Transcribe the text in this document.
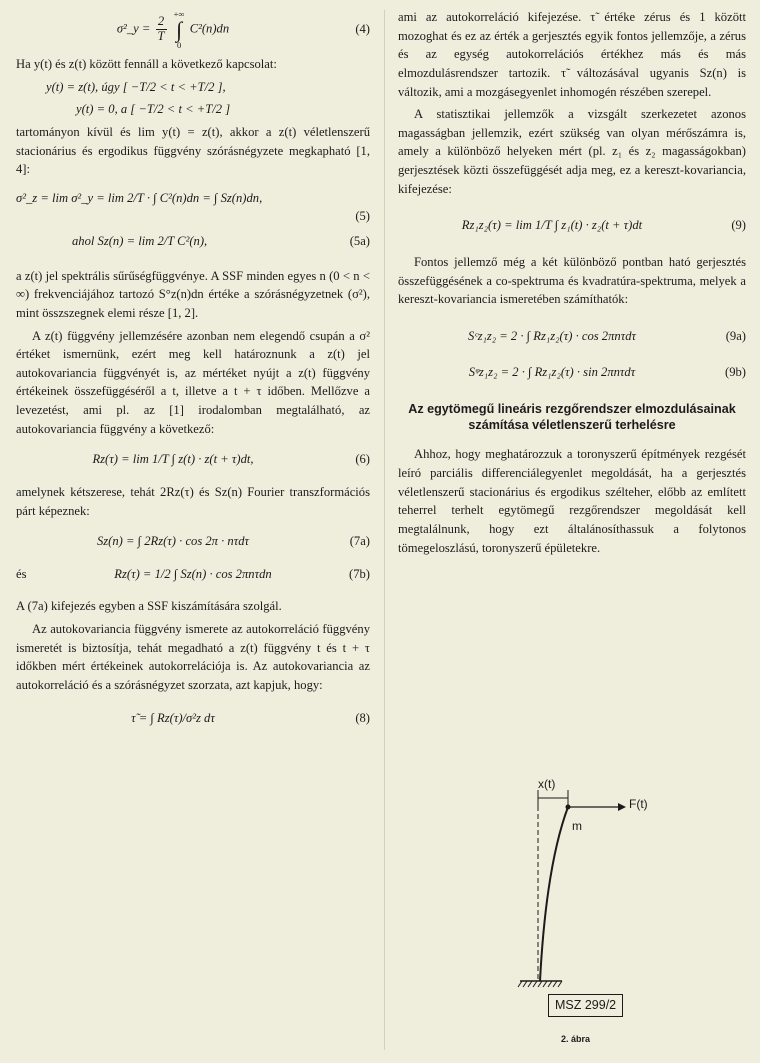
σ²_y = $\frac{2}{T}$

+∞
∫
0
C²(n)dn	(4)

Ha y(t) és z(t) között fennáll a következő kapcsolat:

y(t) = z(t), úgy [ −T/2 < t < +T/2 ],
y(t) = 0, a [ −T/2 < t < +T/2 ]

tartományon kívül és lim y(t) = z(t), akkor a z(t) véletlenszerű stacionárius és ergodikus függvény szórásnégyzete megkapható [1, 4]:

σ²_z = lim σ²_y = lim 2/T · ∫ C²(n)dn = ∫ Sz(n)dn,
(5)
ahol Sz(n) = lim 2/T C²(n),	(5a)

a z(t) jel spektrális sűrűségfüggvénye. A SSF minden egyes n (0 < n < ∞) frekvenciájához tartozó S°z(n)dn értéke a szórásnégyzetnek (σ²), mint összszegnek elemi része [1, 2].

A z(t) függvény jellemzésére azonban nem elegendő csupán a σ² értéket ismernünk, ezért meg kell határoznunk a z(t) jel autokovariancia függvényét is, az mértéket nyújt a z(t) függvény értékeinek összefüggéséről a t, illetve a t + τ időben. Mellőzve a levezetést, ami pl. az [1] irodalomban megtalálható, az autokovariancia függvény a következő:

Rz(τ) = lim 1/T ∫ z(t) · z(t + τ)dt,	(6)

amelynek kétszerese, tehát 2Rz(τ) és Sz(n) Fourier transzformációs párt képeznek:

Sz(n) = ∫ 2Rz(τ) · cos 2π · nτdτ	(7a)
és	Rz(τ) = 1/2 ∫ Sz(n) · cos 2πnτdn	(7b)

A (7a) kifejezés egyben a SSF kiszámítására szolgál.

Az autokovariancia függvény ismerete az autokorreláció függvény ismeretét is biztosítja, tehát megadható a z(t) függvény t és t + τ időkben mért értékeinek autokorrelációja is. Az autokovariancia az autokorreláció és a szórásnégyzet szorzata, azt kapjuk, hogy:

τ̃ = ∫ Rz(τ)/σ²z dτ	(8)

ami az autokorreláció kifejezése. τ̃ értéke zérus és 1 között mozoghat és ez az érték a gerjesztés egyik fontos jellemzője, a zérus és az egység autokorrelációs értékhez más és más elmozdulásrendszer tartozik. τ̃ változásával ugyanis Sz(n) is változik, ami a mozgásegyenlet inhomogén részében szerepel.

A statisztikai jellemzők a vizsgált szerkezetet azonos magasságban jellemzik, ezért szükség van olyan mérőszámra is, amely a különböző helyeken mért (pl. z₁ és z₂ magasságokban) gerjesztések közti összefüggését adja meg, ez a kereszt-kovariancia, kifejezése:

Rz₁z₂(τ) = lim 1/T ∫ z₁(t) · z₂(t + τ)dt	(9)

Fontos jellemző még a két különböző pontban ható gerjesztés összefüggésének a co-spektruma és kvadratúra-spektruma, melyek a kereszt-kovariancia ismeretében számíthatók:

Sᶜz₁z₂ = 2 · ∫ Rz₁z₂(τ) · cos 2πnτdτ	(9a)
Sᵠz₁z₂ = 2 · ∫ Rz₁z₂(τ) · sin 2πnτdτ	(9b)
Az egytömegű lineáris rezgőrendszer elmozdulásainak számítása véletlenszerű terhelésre

Ahhoz, hogy meghatározzuk a toronyszerű építmények rezgését leíró parciális differenciálegyenlet megoldását, ha a gerjesztés véletlenszerű stacionárius és ergodikus szélteher, előbb az említett teherrel terhelt egytömegű rezgőrendszer megoldását kell megtalálnunk, hogy ezt általánosíthassuk a folytonos tömegeloszlású, toronyszerű épületekre.

x(t)
F(t)
m
MSZ 299/2
2. ábra
